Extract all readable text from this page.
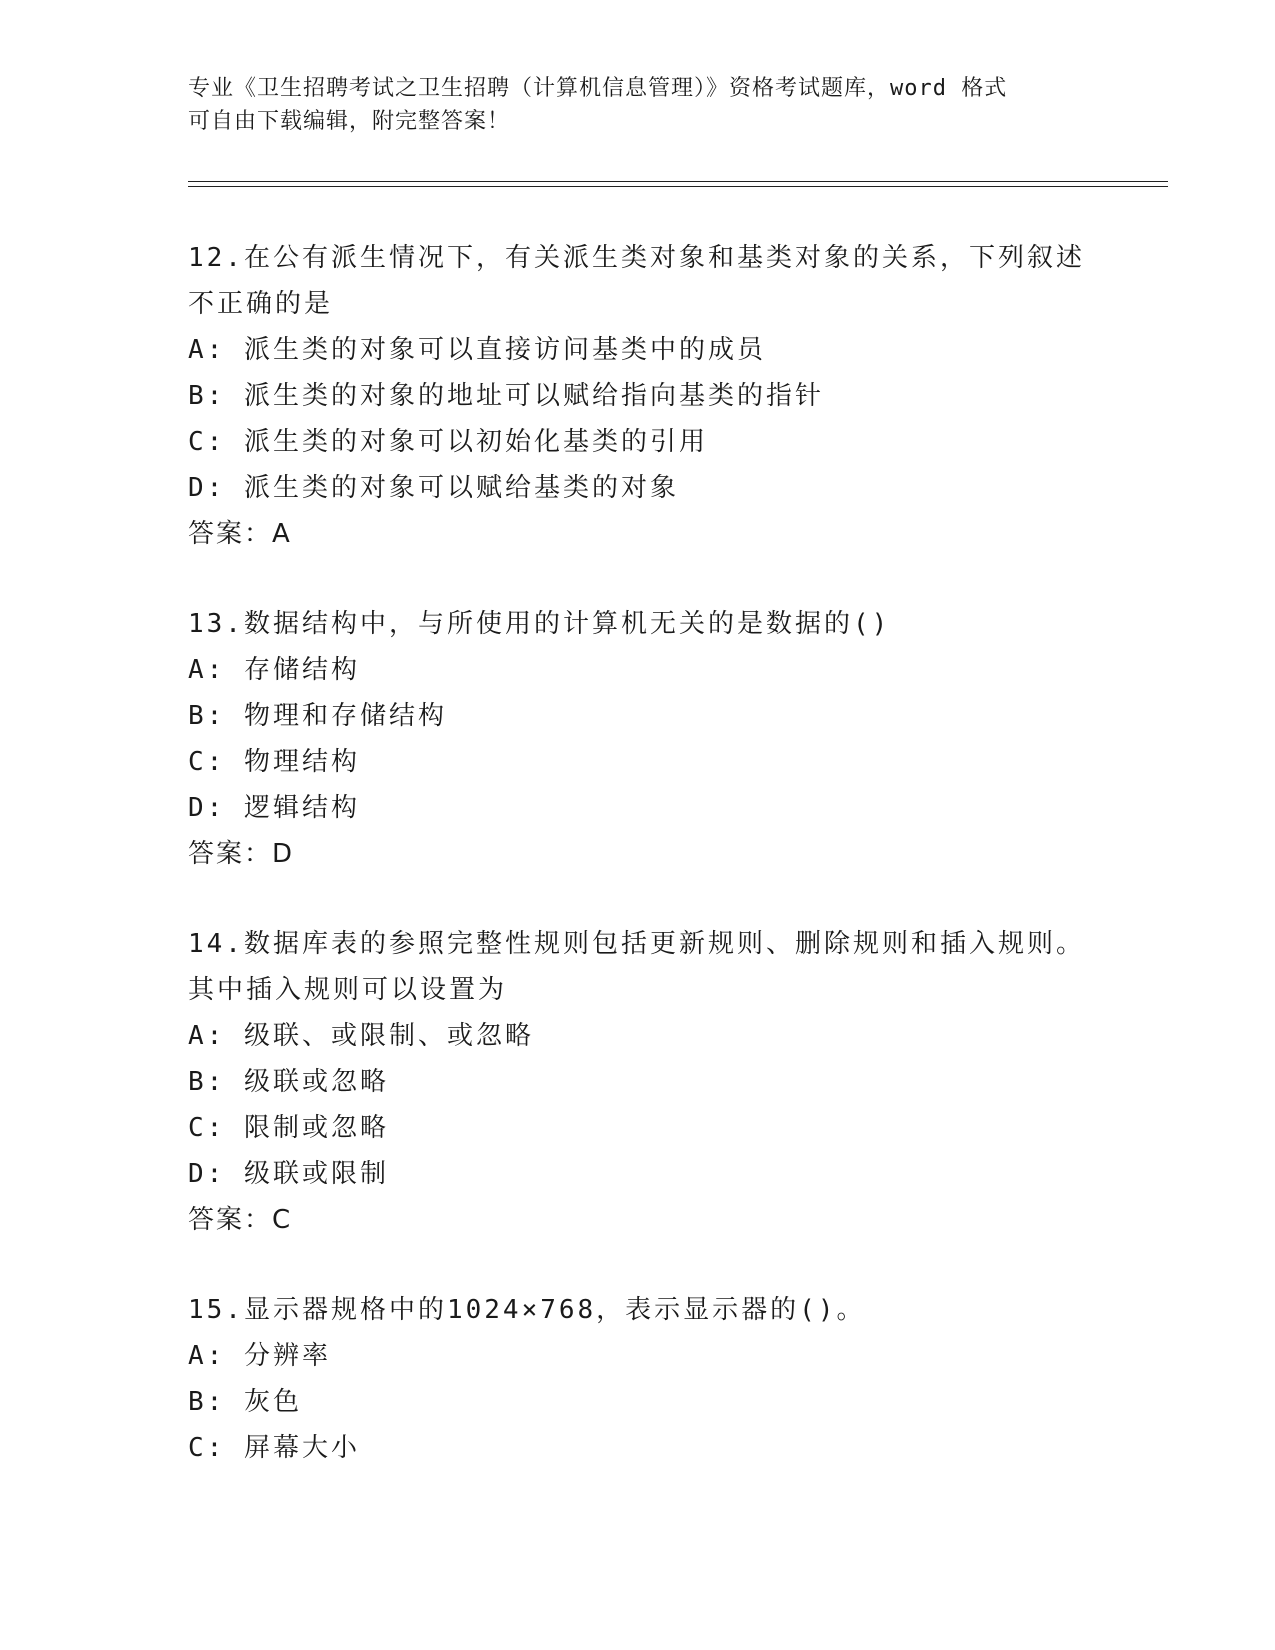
专业《卫生招聘考试之卫生招聘（计算机信息管理）》资格考试题库，word 格式
可自由下载编辑，附完整答案！
12.在公有派生情况下，有关派生类对象和基类对象的关系，下列叙述
不正确的是
A: 派生类的对象可以直接访问基类中的成员
B: 派生类的对象的地址可以赋给指向基类的指针
C: 派生类的对象可以初始化基类的引用
D: 派生类的对象可以赋给基类的对象
答案：A
13.数据结构中，与所使用的计算机无关的是数据的()
A: 存储结构
B: 物理和存储结构
C: 物理结构
D: 逻辑结构
答案：D
14.数据库表的参照完整性规则包括更新规则、删除规则和插入规则。
其中插入规则可以设置为
A: 级联、或限制、或忽略
B: 级联或忽略
C: 限制或忽略
D: 级联或限制
答案：C
15.显示器规格中的1024×768，表示显示器的()。
A: 分辨率
B: 灰色
C: 屏幕大小
